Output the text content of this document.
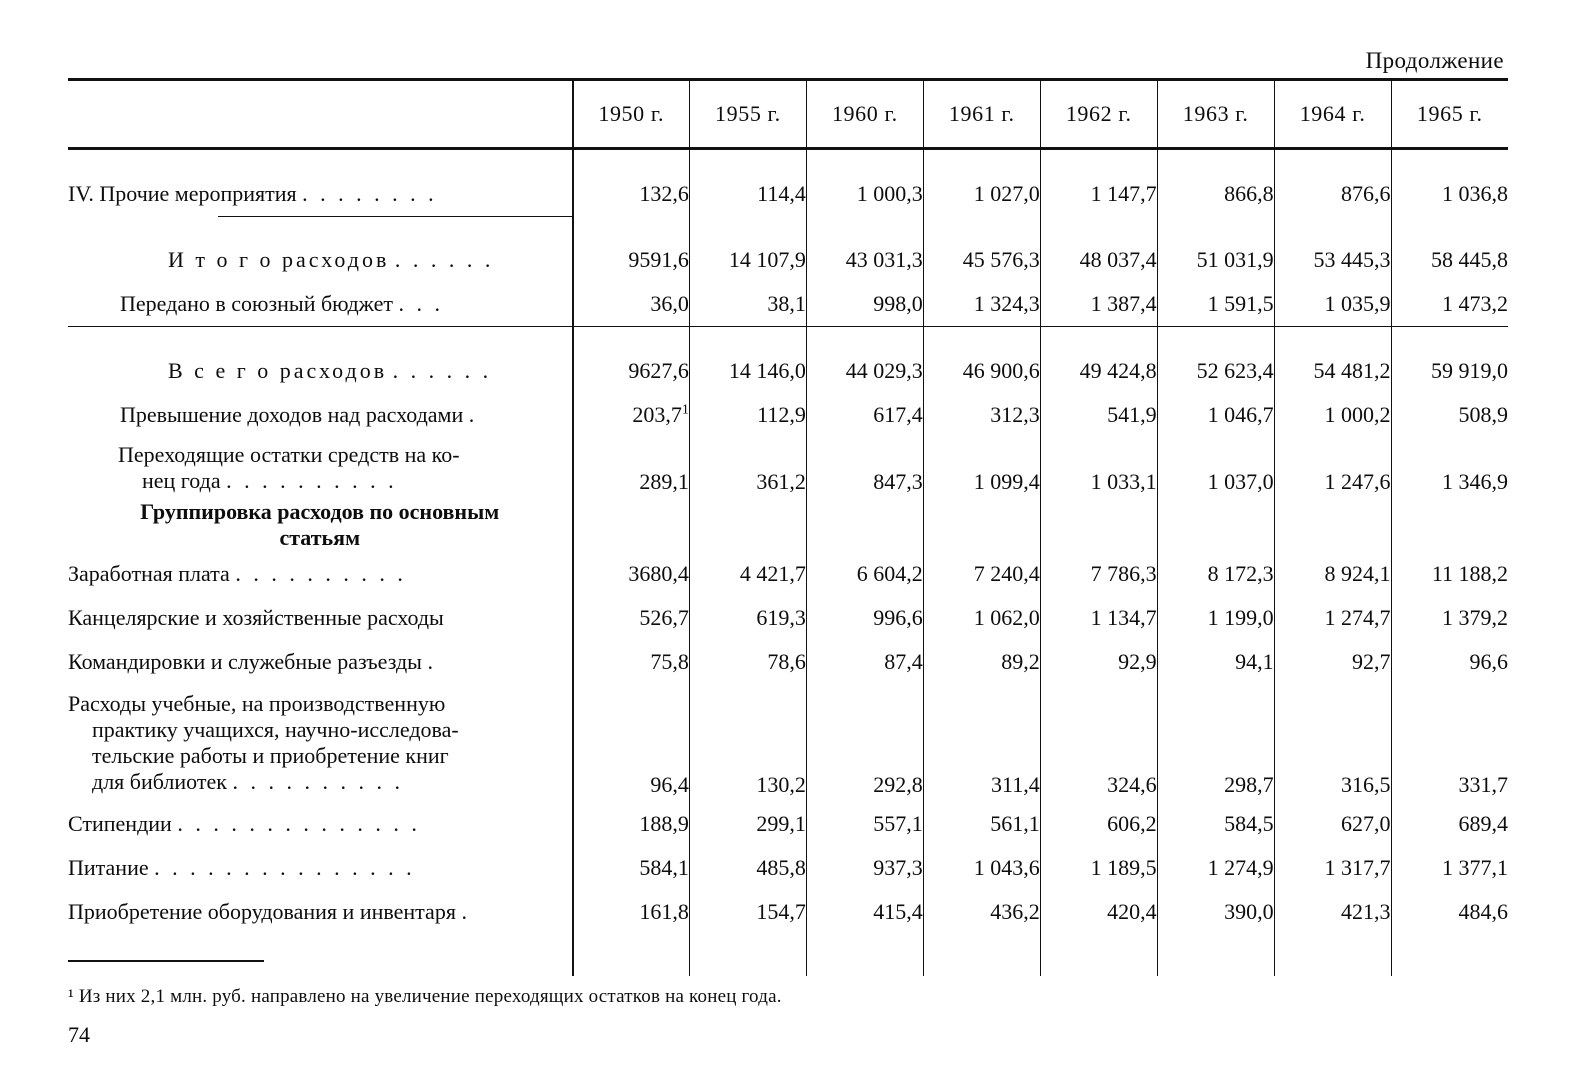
Продолжение
	1950 г.	1955 г.	1960 г.	1961 г.	1962 г.	1963 г.	1964 г.	1965 г.

IV. Прочие мероприятия . . . . . . . .	132,6	114,4	1 000,3	1 027,0	1 147,7	866,8	876,6	1 036,8

И т о г о расходов . . . . . .	9591,6	14 107,9	43 031,3	45 576,3	48 037,4	51 031,9	53 445,3	58 445,8
Передано в союзный бюджет . . .	36,0	38,1	998,0	1 324,3	1 387,4	1 591,5	1 035,9	1 473,2

В с е г о расходов . . . . . .	9627,6	14 146,0	44 029,3	46 900,6	49 424,8	52 623,4	54 481,2	59 919,0
Превышение доходов над расходами .	203,7$^1$	112,9	617,4	312,3	541,9	1 046,7	1 000,2	508,9
Переходящие остатки средств на ко-

нец года . . . . . . . . . .	289,1	361,2	847,3	1 099,4	1 033,1	1 037,0	1 247,6	1 346,9
Группировка расходов по основным
статьям								
Заработная плата . . . . . . . . . .	3680,4	4 421,7	6 604,2	7 240,4	7 786,3	8 172,3	8 924,1	11 188,2
Канцелярские и хозяйственные расходы	526,7	619,3	996,6	1 062,0	1 134,7	1 199,0	1 274,7	1 379,2
Командировки и служебные разъезды .	75,8	78,6	87,4	89,2	92,9	94,1	92,7	96,6
Расходы учебные, на производственную

практику учащихся, научно-исследова-
тельские работы и приобретение книг
для библиотек . . . . . . . . . .	96,4	130,2	292,8	311,4	324,6	298,7	316,5	331,7
Стипендии . . . . . . . . . . . . . .	188,9	299,1	557,1	561,1	606,2	584,5	627,0	689,4
Питание . . . . . . . . . . . . . . .	584,1	485,8	937,3	1 043,6	1 189,5	1 274,9	1 317,7	1 377,1
Приобретение оборудования и инвентаря .	161,8	154,7	415,4	436,2	420,4	390,0	421,3	484,6

¹ Из них 2,1 млн. руб. направлено на увеличение переходящих остатков на конец года.
74
